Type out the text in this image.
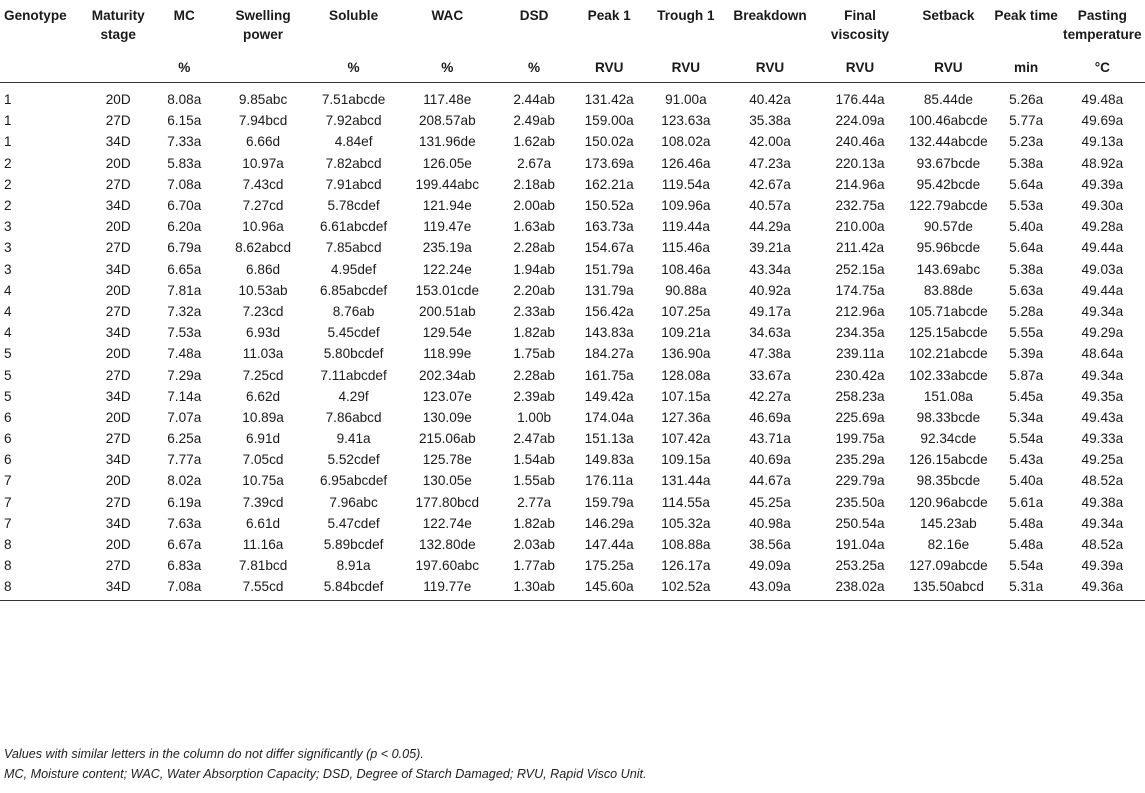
Genotype	Maturity stage	MC	Swelling power	Soluble	WAC	DSD	Peak 1	Trough 1	Breakdown	Final viscosity	Setback	Peak time	Pasting temperature
		%		%	%	%	RVU	RVU	RVU	RVU	RVU	min	°C
1	20D	8.08a	9.85abc	7.51abcde	117.48e	2.44ab	131.42a	91.00a	40.42a	176.44a	85.44de	5.26a	49.48a
1	27D	6.15a	7.94bcd	7.92abcd	208.57ab	2.49ab	159.00a	123.63a	35.38a	224.09a	100.46abcde	5.77a	49.69a
1	34D	7.33a	6.66d	4.84ef	131.96de	1.62ab	150.02a	108.02a	42.00a	240.46a	132.44abcde	5.23a	49.13a
2	20D	5.83a	10.97a	7.82abcd	126.05e	2.67a	173.69a	126.46a	47.23a	220.13a	93.67bcde	5.38a	48.92a
2	27D	7.08a	7.43cd	7.91abcd	199.44abc	2.18ab	162.21a	119.54a	42.67a	214.96a	95.42bcde	5.64a	49.39a
2	34D	6.70a	7.27cd	5.78cdef	121.94e	2.00ab	150.52a	109.96a	40.57a	232.75a	122.79abcde	5.53a	49.30a
3	20D	6.20a	10.96a	6.61abcdef	119.47e	1.63ab	163.73a	119.44a	44.29a	210.00a	90.57de	5.40a	49.28a
3	27D	6.79a	8.62abcd	7.85abcd	235.19a	2.28ab	154.67a	115.46a	39.21a	211.42a	95.96bcde	5.64a	49.44a
3	34D	6.65a	6.86d	4.95def	122.24e	1.94ab	151.79a	108.46a	43.34a	252.15a	143.69abc	5.38a	49.03a
4	20D	7.81a	10.53ab	6.85abcdef	153.01cde	2.20ab	131.79a	90.88a	40.92a	174.75a	83.88de	5.63a	49.44a
4	27D	7.32a	7.23cd	8.76ab	200.51ab	2.33ab	156.42a	107.25a	49.17a	212.96a	105.71abcde	5.28a	49.34a
4	34D	7.53a	6.93d	5.45cdef	129.54e	1.82ab	143.83a	109.21a	34.63a	234.35a	125.15abcde	5.55a	49.29a
5	20D	7.48a	11.03a	5.80bcdef	118.99e	1.75ab	184.27a	136.90a	47.38a	239.11a	102.21abcde	5.39a	48.64a
5	27D	7.29a	7.25cd	7.11abcdef	202.34ab	2.28ab	161.75a	128.08a	33.67a	230.42a	102.33abcde	5.87a	49.34a
5	34D	7.14a	6.62d	4.29f	123.07e	2.39ab	149.42a	107.15a	42.27a	258.23a	151.08a	5.45a	49.35a
6	20D	7.07a	10.89a	7.86abcd	130.09e	1.00b	174.04a	127.36a	46.69a	225.69a	98.33bcde	5.34a	49.43a
6	27D	6.25a	6.91d	9.41a	215.06ab	2.47ab	151.13a	107.42a	43.71a	199.75a	92.34cde	5.54a	49.33a
6	34D	7.77a	7.05cd	5.52cdef	125.78e	1.54ab	149.83a	109.15a	40.69a	235.29a	126.15abcde	5.43a	49.25a
7	20D	8.02a	10.75a	6.95abcdef	130.05e	1.55ab	176.11a	131.44a	44.67a	229.79a	98.35bcde	5.40a	48.52a
7	27D	6.19a	7.39cd	7.96abc	177.80bcd	2.77a	159.79a	114.55a	45.25a	235.50a	120.96abcde	5.61a	49.38a
7	34D	7.63a	6.61d	5.47cdef	122.74e	1.82ab	146.29a	105.32a	40.98a	250.54a	145.23ab	5.48a	49.34a
8	20D	6.67a	11.16a	5.89bcdef	132.80de	2.03ab	147.44a	108.88a	38.56a	191.04a	82.16e	5.48a	48.52a
8	27D	6.83a	7.81bcd	8.91a	197.60abc	1.77ab	175.25a	126.17a	49.09a	253.25a	127.09abcde	5.54a	49.39a
8	34D	7.08a	7.55cd	5.84bcdef	119.77e	1.30ab	145.60a	102.52a	43.09a	238.02a	135.50abcd	5.31a	49.36a
Values with similar letters in the column do not differ significantly (p < 0.05).
MC, Moisture content; WAC, Water Absorption Capacity; DSD, Degree of Starch Damaged; RVU, Rapid Visco Unit.
